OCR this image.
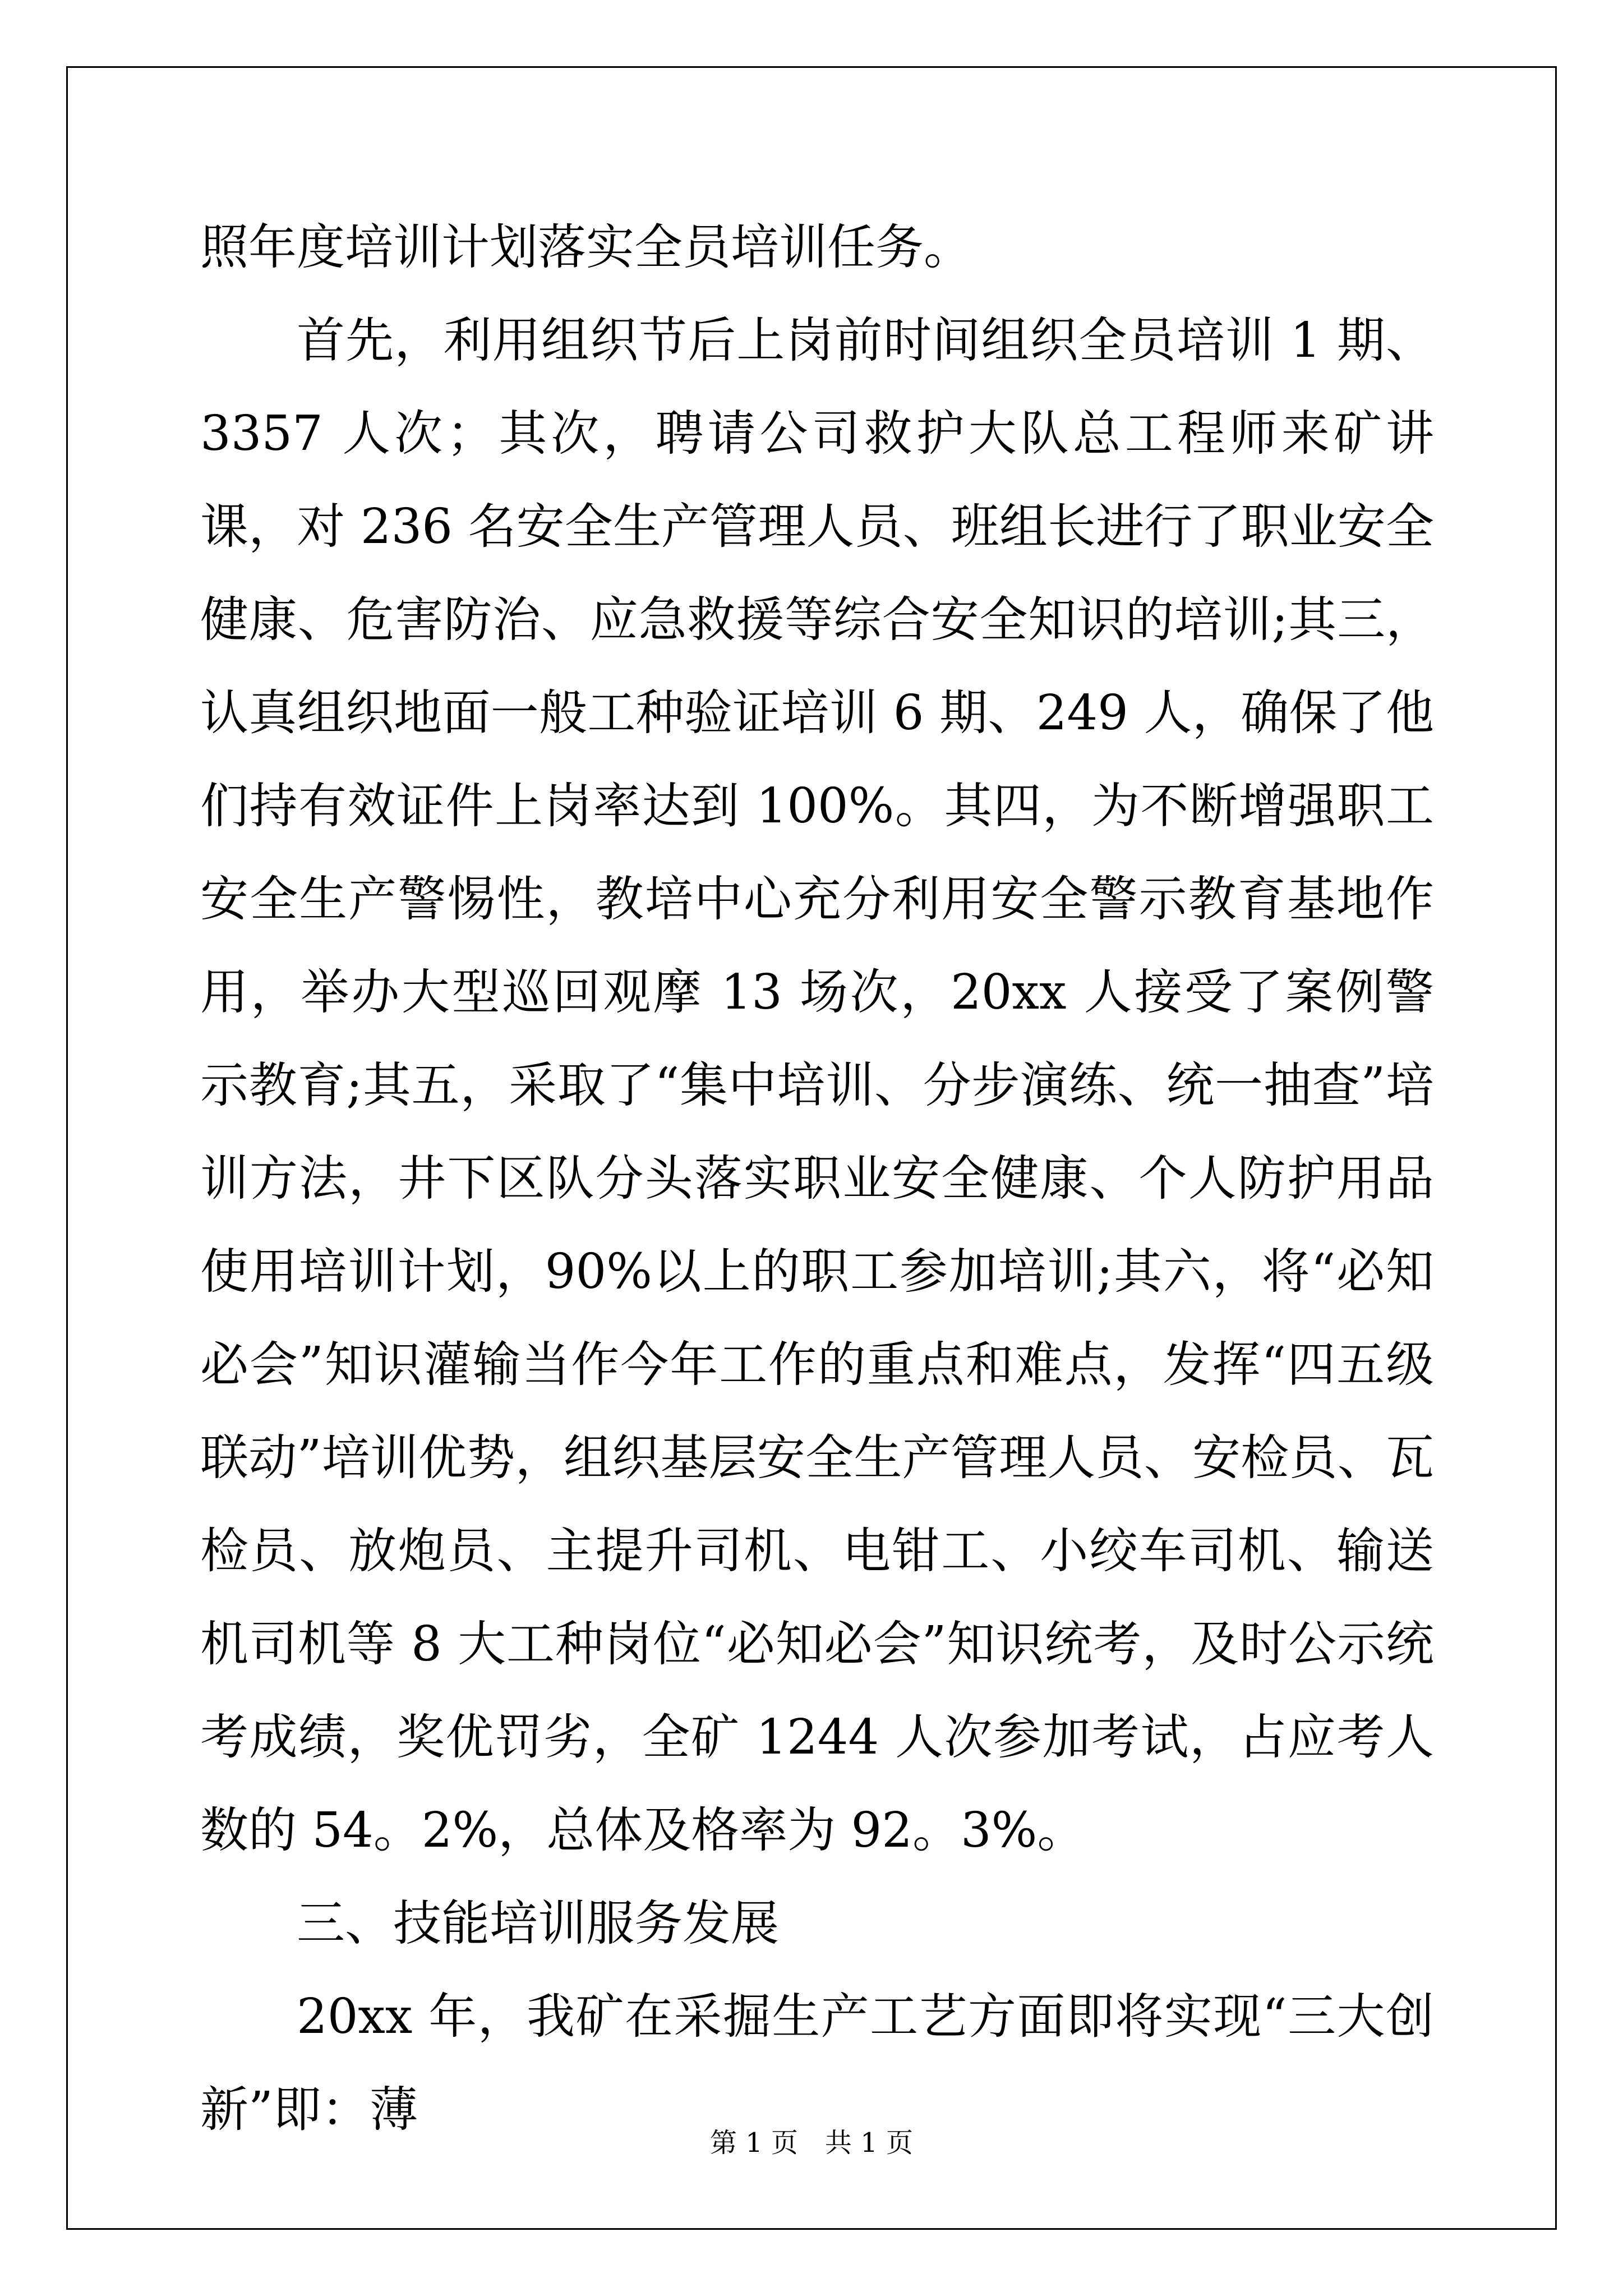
照年度培训计划落实全员培训任务。

首先，利用组织节后上岗前时间组织全员培训 1 期、3357 人次；其次，聘请公司救护大队总工程师来矿讲课，对 236 名安全生产管理人员、班组长进行了职业安全健康、危害防治、应急救援等综合安全知识的培训;其三，认真组织地面一般工种验证培训 6 期、249 人，确保了他们持有效证件上岗率达到 100%。其四，为不断增强职工安全生产警惕性，教培中心充分利用安全警示教育基地作用，举办大型巡回观摩 13 场次，20xx 人接受了案例警示教育;其五，采取了“集中培训、分步演练、统一抽查”培训方法，井下区队分头落实职业安全健康、个人防护用品使用培训计划，90%以上的职工参加培训;其六，将“必知必会”知识灌输当作今年工作的重点和难点，发挥“四五级联动”培训优势，组织基层安全生产管理人员、安检员、瓦检员、放炮员、主提升司机、电钳工、小绞车司机、输送机司机等 8 大工种岗位“必知必会”知识统考，及时公示统考成绩，奖优罚劣，全矿 1244 人次参加考试，占应考人数的 54。2%，总体及格率为 92。3%。

三、技能培训服务发展

20xx 年，我矿在采掘生产工艺方面即将实现“三大创新”即：薄

第 1 页　共 1 页
